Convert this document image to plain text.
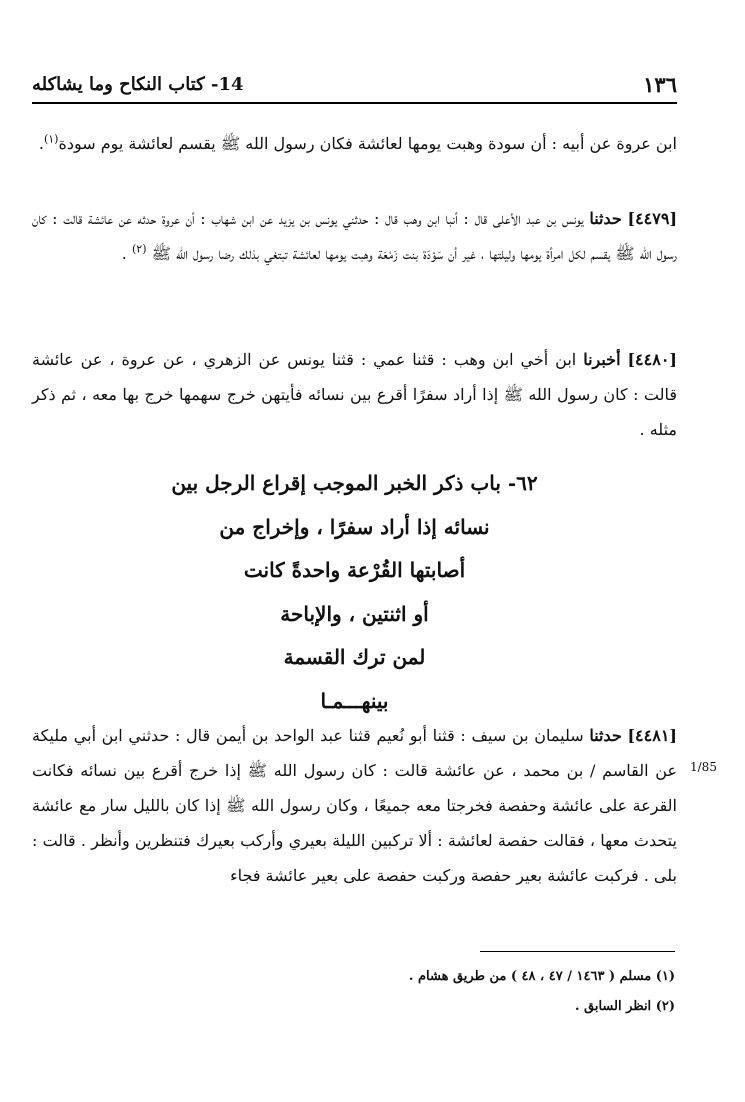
١٣٦
14- كتاب النكاح وما يشاكله

ابن عروة عن أبيه : أن سودة وهبت يومها لعائشة فكان رسول الله ﷺ يقسم لعائشة يوم سودة$^{(١)}$.

[٤٤٧٩] حدثنا يونس بن عبد الأعلى قال : أنبا ابن وهب قال : حدثني يونس بن يزيد عن ابن شهاب : أن عروة حدثه عن عائشة قالت : كان رسول الله ﷺ يقسم لكل امرأة يومها وليلتها ، غير أن سَوْدَة بنت زَمْعَة وهبت يومها لعائشة تبتغي بذلك رضا رسول الله ﷺ $^{(٢)}$ .

[٤٤٨٠] أخبرنا ابن أخي ابن وهب : قثنا عمي : قثنا يونس عن الزهري ، عن عروة ، عن عائشة قالت : كان رسول الله ﷺ إذا أراد سفرًا أقرع بين نسائه فأيتهن خرج سهمها خرج بها معه ، ثم ذكر مثله .

٦٢- باب ذكر الخبر الموجب إقراع الرجل بين
نسائه إذا أراد سفرًا ، وإخراج من
أصابتها القُرْعة واحدةً كانت
أو اثنتين ، والإباحة
لمن ترك القسمة
بينهـــمـا

[٤٤٨١] حدثنا سليمان بن سيف : قثنا أبو نُعيم قثنا عبد الواحد بن أيمن قال : حدثني ابن أبي مليكة عن القاسم / بن محمد ، عن عائشة قالت : كان رسول الله ﷺ إذا خرج أقرع بين نسائه فكانت القرعة على عائشة وحفصة فخرجتا معه جميعًا ، وكان رسول الله ﷺ إذا كان بالليل سار مع عائشة يتحدث معها ، فقالت حفصة لعائشة : ألا تركبين الليلة بعيري وأركب بعيرك فتنظرين وأنظر . قالت : بلى . فركبت عائشة بعير حفصة وركبت حفصة على بعير عائشة فجاء

1/85
(١) مسلم ( ١٤٦٣ / ٤٧ ، ٤٨ ) من طريق هشام .
(٢) انظر السابق .
